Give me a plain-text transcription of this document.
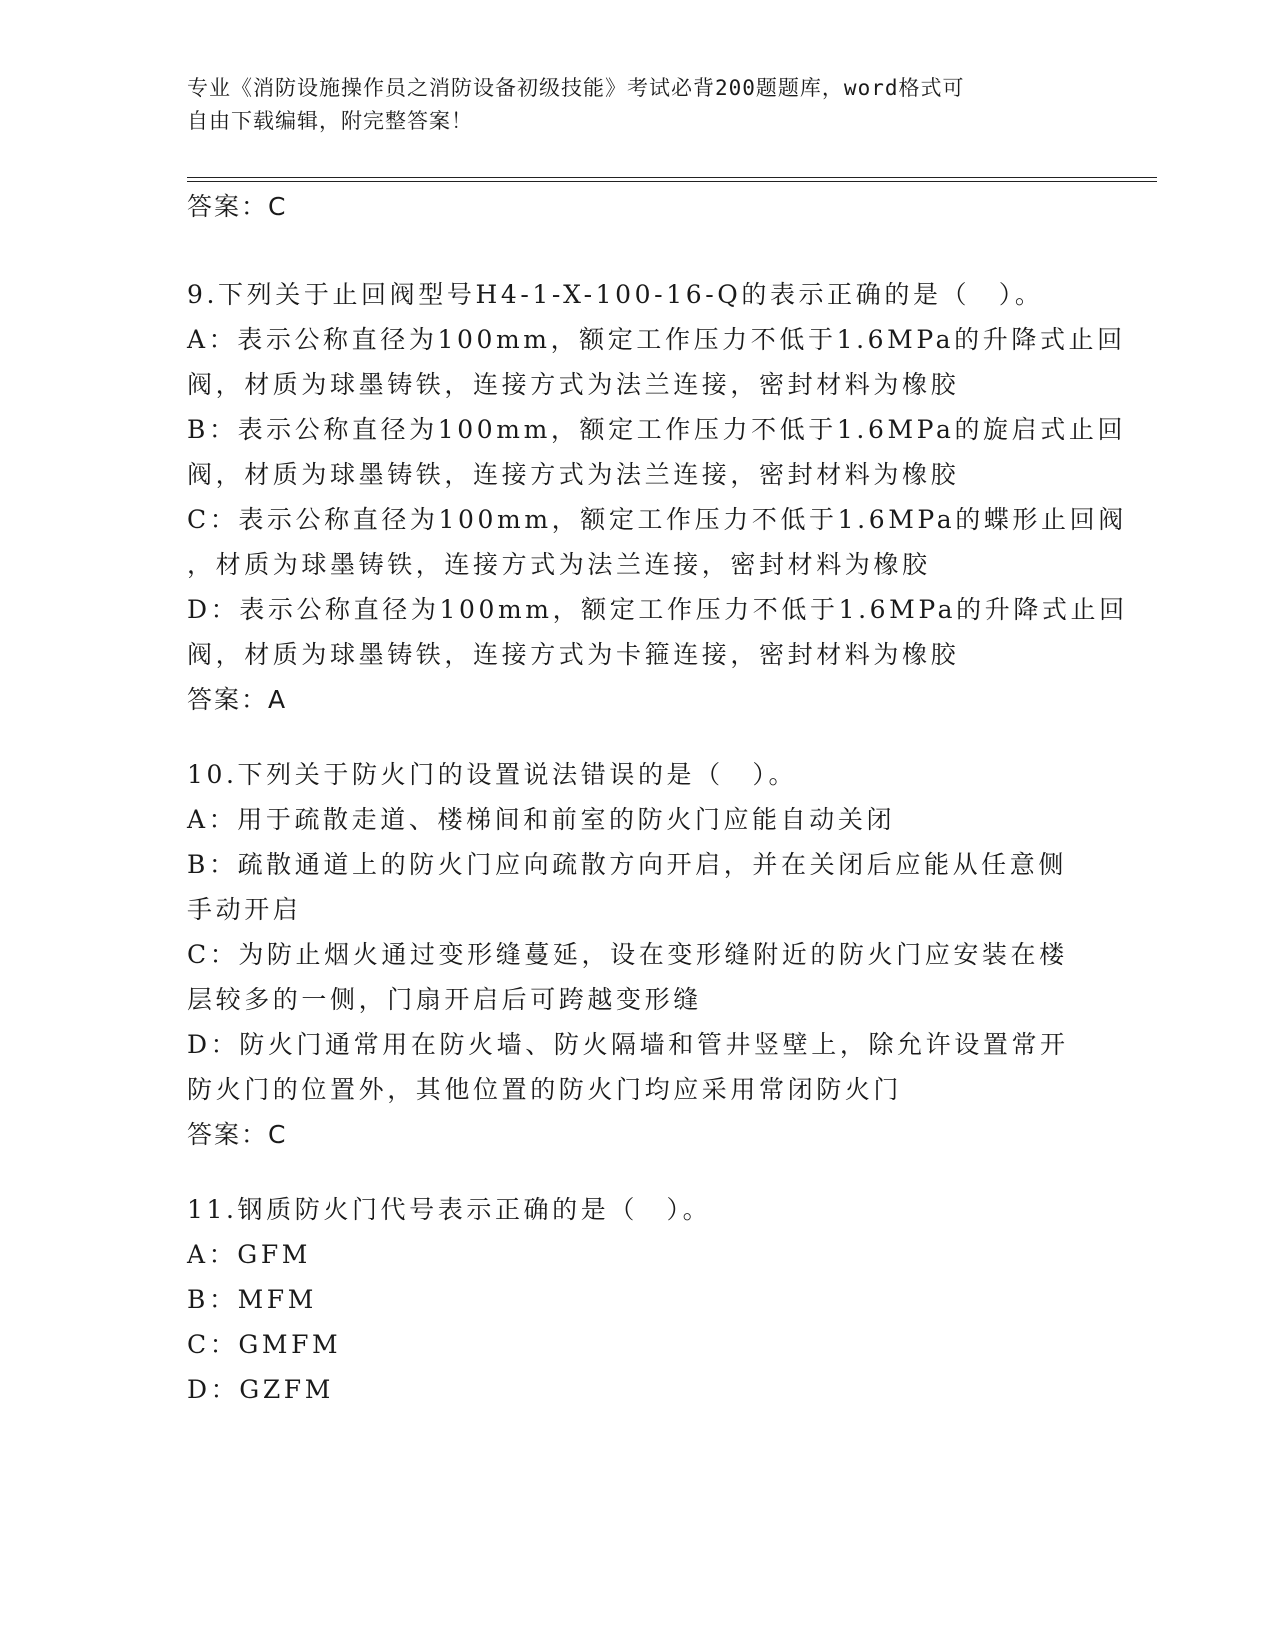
专业《消防设施操作员之消防设备初级技能》考试必背200题题库，word格式可
自由下载编辑，附完整答案！
答案：C
9.下列关于止回阀型号H4-1-X-100-16-Q的表示正确的是（　）。
A：表示公称直径为100mm，额定工作压力不低于1.6MPa的升降式止回
阀，材质为球墨铸铁，连接方式为法兰连接，密封材料为橡胶
B：表示公称直径为100mm，额定工作压力不低于1.6MPa的旋启式止回
阀，材质为球墨铸铁，连接方式为法兰连接，密封材料为橡胶
C：表示公称直径为100mm，额定工作压力不低于1.6MPa的蝶形止回阀
，材质为球墨铸铁，连接方式为法兰连接，密封材料为橡胶
D：表示公称直径为100mm，额定工作压力不低于1.6MPa的升降式止回
阀，材质为球墨铸铁，连接方式为卡箍连接，密封材料为橡胶
答案：A
10.下列关于防火门的设置说法错误的是（　）。
A：用于疏散走道、楼梯间和前室的防火门应能自动关闭
B：疏散通道上的防火门应向疏散方向开启，并在关闭后应能从任意侧
手动开启
C：为防止烟火通过变形缝蔓延，设在变形缝附近的防火门应安装在楼
层较多的一侧，门扇开启后可跨越变形缝
D：防火门通常用在防火墙、防火隔墙和管井竖壁上，除允许设置常开
防火门的位置外，其他位置的防火门均应采用常闭防火门
答案：C
11.钢质防火门代号表示正确的是（　）。
A：GFM
B：MFM
C：GMFM
D：GZFM
